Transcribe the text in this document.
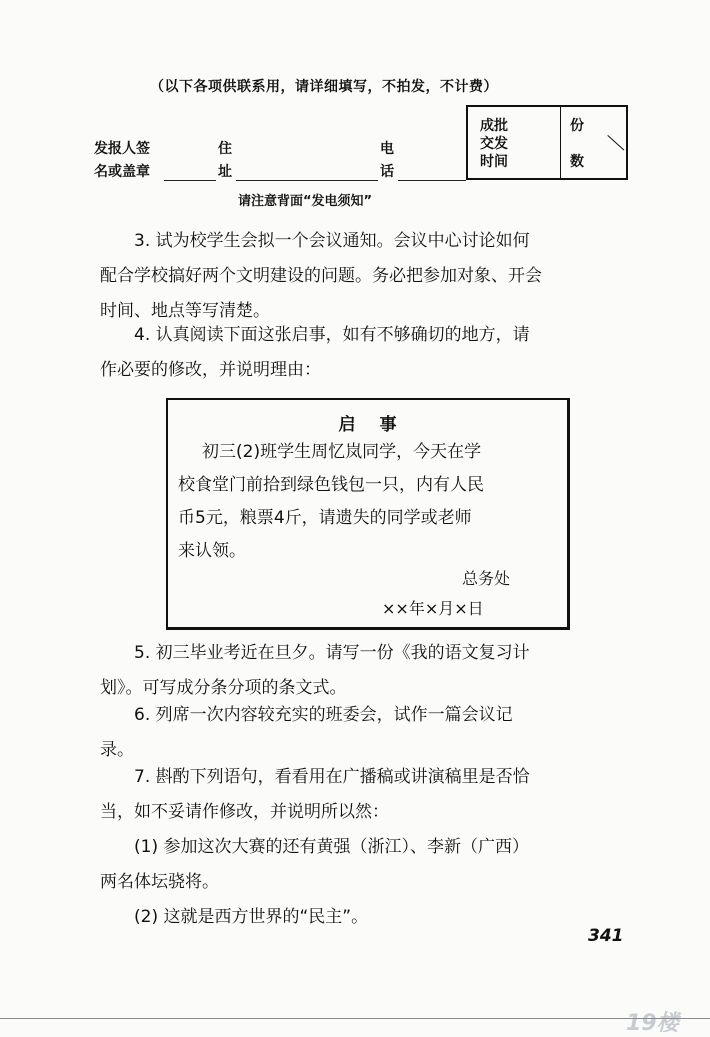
（以下各项供联系用，请详细填写，不拍发，不计费）
发报人签
名或盖章
住
址
电
话
成批
交发
时间
份
数
请注意背面“发电须知”

3. 试为校学生会拟一个会议通知。会议中心讨论如何

配合学校搞好两个文明建设的问题。务必把参加对象、开会

时间、地点等写清楚。

4. 认真阅读下面这张启事，如有不够确切的地方，请

作必要的修改，并说明理由：

启事

初三(2)班学生周忆岚同学，今天在学

校食堂门前拾到绿色钱包一只，内有人民

币5元，粮票4斤，请遗失的同学或老师

来认领。

总务处
××年×月×日

5. 初三毕业考近在旦夕。请写一份《我的语文复习计

划》。可写成分条分项的条文式。

6. 列席一次内容较充实的班委会，试作一篇会议记

录。

7. 斟酌下列语句，看看用在广播稿或讲演稿里是否恰

当，如不妥请作修改，并说明所以然：

(1) 参加这次大赛的还有黄强（浙江）、李新（广西）

两名体坛骁将。

(2) 这就是西方世界的“民主”。

341
19楼
